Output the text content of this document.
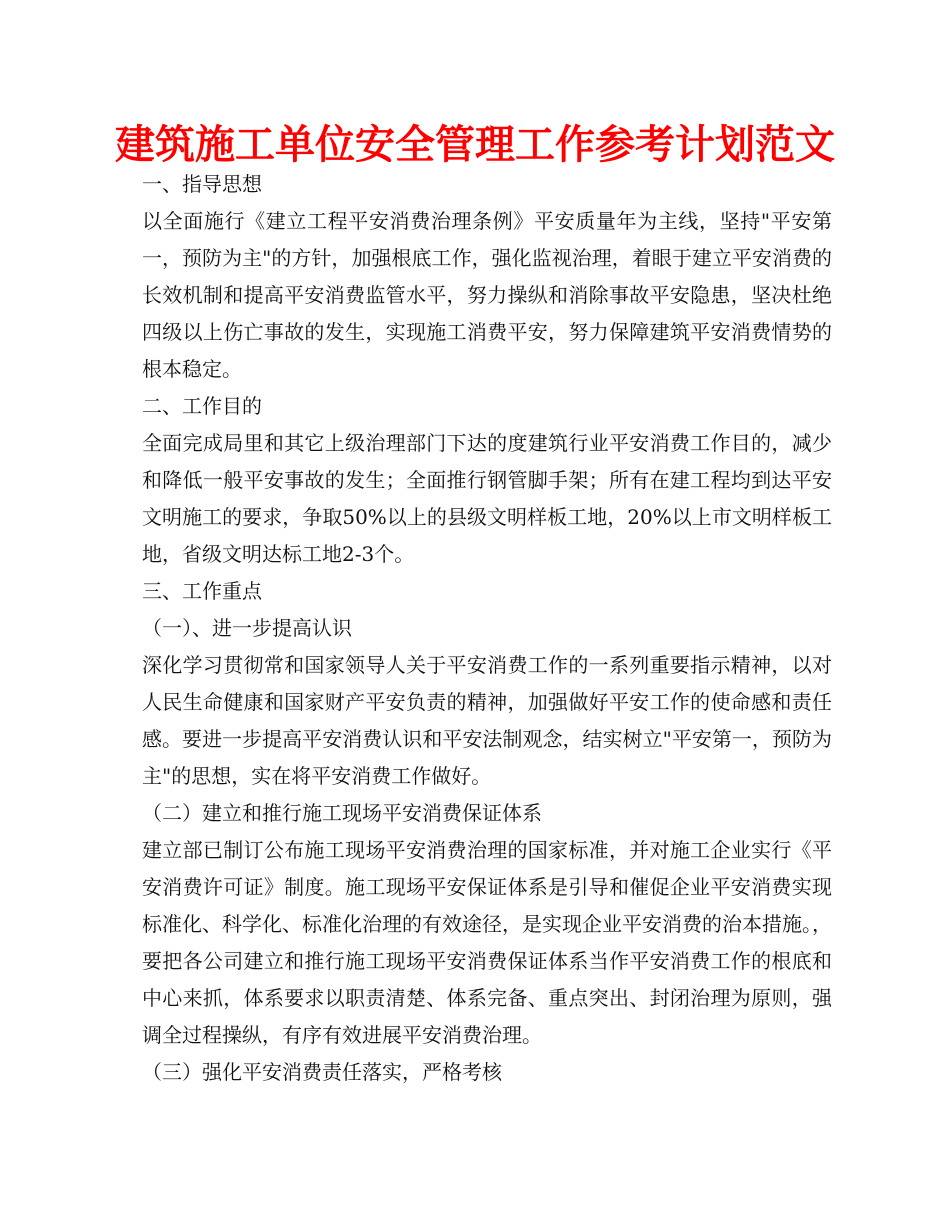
建筑施工单位安全管理工作参考计划范文

一、指导思想

以全面施行《建立工程平安消费治理条例》平安质量年为主线，坚持"平安第一，预防为主"的方针，加强根底工作，强化监视治理，着眼于建立平安消费的长效机制和提高平安消费监管水平，努力操纵和消除事故平安隐患，坚决杜绝四级以上伤亡事故的发生，实现施工消费平安，努力保障建筑平安消费情势的根本稳定。

二、工作目的

全面完成局里和其它上级治理部门下达的度建筑行业平安消费工作目的，减少和降低一般平安事故的发生；全面推行钢管脚手架；所有在建工程均到达平安文明施工的要求，争取50%以上的县级文明样板工地，20%以上市文明样板工地，省级文明达标工地2-3个。

三、工作重点

（一）、进一步提高认识

深化学习贯彻常和国家领导人关于平安消费工作的一系列重要指示精神，以对人民生命健康和国家财产平安负责的精神，加强做好平安工作的使命感和责任感。要进一步提高平安消费认识和平安法制观念，结实树立"平安第一，预防为主"的思想，实在将平安消费工作做好。

（二）建立和推行施工现场平安消费保证体系

建立部已制订公布施工现场平安消费治理的国家标准，并对施工企业实行《平安消费许可证》制度。施工现场平安保证体系是引导和催促企业平安消费实现标准化、科学化、标准化治理的有效途径，是实现企业平安消费的治本措施。，要把各公司建立和推行施工现场平安消费保证体系当作平安消费工作的根底和中心来抓，体系要求以职责清楚、体系完备、重点突出、封闭治理为原则，强调全过程操纵，有序有效进展平安消费治理。

（三）强化平安消费责任落实，严格考核
